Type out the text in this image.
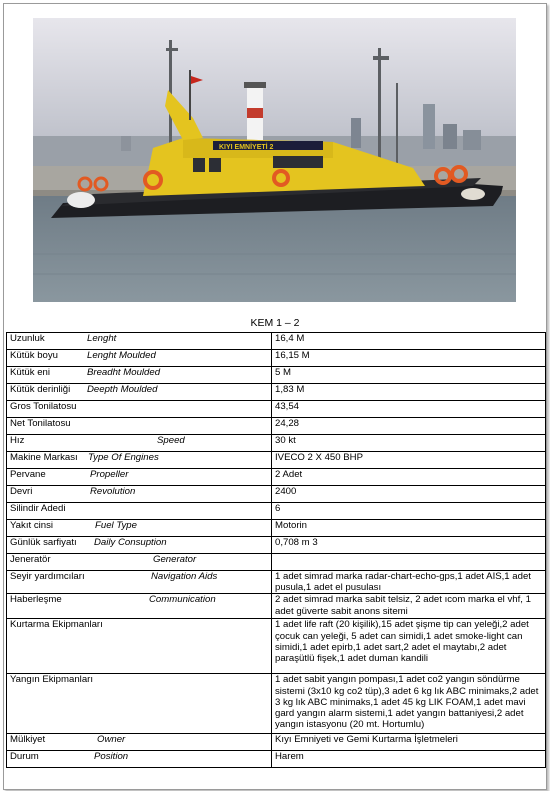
KIYI EMNİYETİ 2
KEM 1 – 2
Uzunluk Lenght	16,4 M

Kütük boyu Lenght Moulded	16,15 M

Kütük eni Breadht Moulded	5 M

Kütük derinliği Deepth Moulded	1,83 M

Gros Tonilatosu	43,54

Net Tonilatosu	24,28

Hız Speed	30 kt

Makine Markası Type Of Engines	IVECO 2 X 450 BHP

Pervane Propeller	2 Adet

Devri Revolution	2400

Silindir Adedi	6

Yakıt cinsi Fuel Type	Motorin

Günlük sarfiyatı Daily Consuption	0,708 m 3

Jeneratör Generator	

Seyir yardımcıları Navigation Aids	1 adet simrad marka radar-chart-echo-gps,1 adet AIS,1 adet pusula,1 adet el pusulası

Haberleşme Communication	2 adet simrad marka sabit telsiz, 2 adet ıcom marka el vhf, 1 adet güverte sabit anons sitemi

Kurtarma Ekipmanları	1 adet life raft (20 kişilik),15 adet şişme tip can yeleği,2 adet çocuk can yeleği, 5 adet can simidi,1 adet smoke-light can simidi,1 adet epirb,1 adet sart,2 adet el maytabı,2 adet paraşütlü fişek,1 adet duman kandili

Yangın Ekipmanları	1 adet sabit yangın pompası,1 adet co2 yangın söndürme sistemi (3x10 kg co2 tüp),3 adet 6 kg lık ABC minimaks,2 adet 3 kg lık ABC minimaks,1 adet 45 kg LIK FOAM,1 adet mavi gard yangın alarm sistemi,1 adet yangın battaniyesi,2 adet yangın istasyonu (20 mt. Hortumlu)

Mülkiyet Owner	Kıyı Emniyeti ve Gemi Kurtarma İşletmeleri

Durum Position	Harem
